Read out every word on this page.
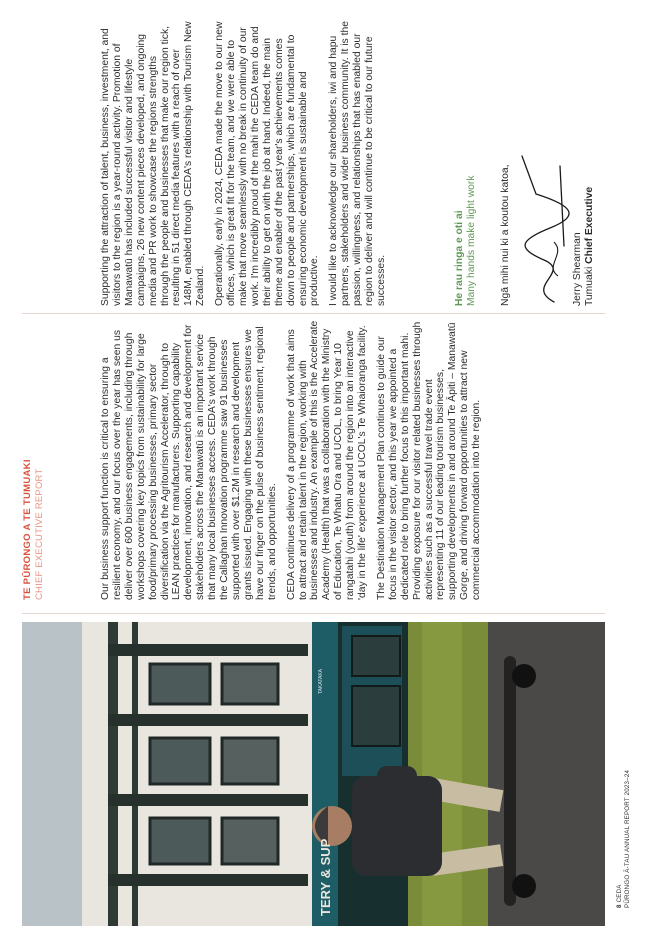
TERY & SUP
TAKATAKA
TE PŪRONGO A TE TUMUAKI CHIEF EXECUTIVE REPORT	Our business support function is critical to ensuring a resilient economy, and our focus over the year has seen us deliver over 600 business engagements, including through workshops covering key topics from sustainability for large food/primary processing businesses, primary sector diversification via the Agritourism Accelerator, through to LEAN practices for manufacturers. Supporting capability development, innovation, and research and development for stakeholders across the Manawatū is an important service that many local businesses access. CEDA's work through the Callaghan Innovation programme saw 91 businesses supported with over $1.2M in research and development grants issued. Engaging with these businesses ensures we have our finger on the pulse of business sentiment, regional trends, and opportunities. CEDA continues delivery of a programme of work that aims to attract and retain talent in the region, working with businesses and industry. An example of this is the Accelerate Academy (Health) that was a collaboration with the Ministry of Education, Te Whatu Ora and UCOL, to bring Year 10 rangatahi (youth) from around the region into an interactive 'day in the life' experience at UCOL's Te Whaioranga facility. The Destination Management Plan continues to guide our focus in the visitor sector, and this year we appointed a dedicated role to bring further focus to this important mahi. Providing exposure for our visitor related businesses through activities such as a successful travel trade event representing 11 of our leading tourism businesses, supporting developments in and around Te Āpiti – Manawatū Gorge, and driving forward opportunities to attract new commercial accommodation into the region.

Supporting the attraction of talent, business, investment, and visitors to the region is a year-round activity. Promotion of Manawatū has included successful visitor and lifestyle campaigns, 26 new content pieces developed, and ongoing media and PR work to showcase the regions strengths through the people and businesses that make our region tick, resulting in 51 direct media features with a reach of over 148M, enabled through CEDA's relationship with Tourism New Zealand. Operationally, early in 2024, CEDA made the move to our new offices, which is great fit for the team, and we were able to make that move seamlessly with no break in continuity of our work. I'm incredibly proud of the mahi the CEDA team do and their ability to get on with the job at hand. Indeed, the main theme and enabler of the past year's achievements comes down to people and partnerships, which are fundamental to ensuring economic development is sustainable and productive. I would like to acknowledge our shareholders, iwi and hapu partners, stakeholders and wider business community. It is the passion, willingness, and relationships that has enabled our region to deliver and will continue to be critical to our future successes.	He rau ringa e oti ai Many hands make light work Ngā mihi nui ki a koutou katoa,	Jerry Shearman Tumuaki Chief Executive
8 CEDA PŪRONGO Ā-TAU ANNUAL REPORT 2023–24
